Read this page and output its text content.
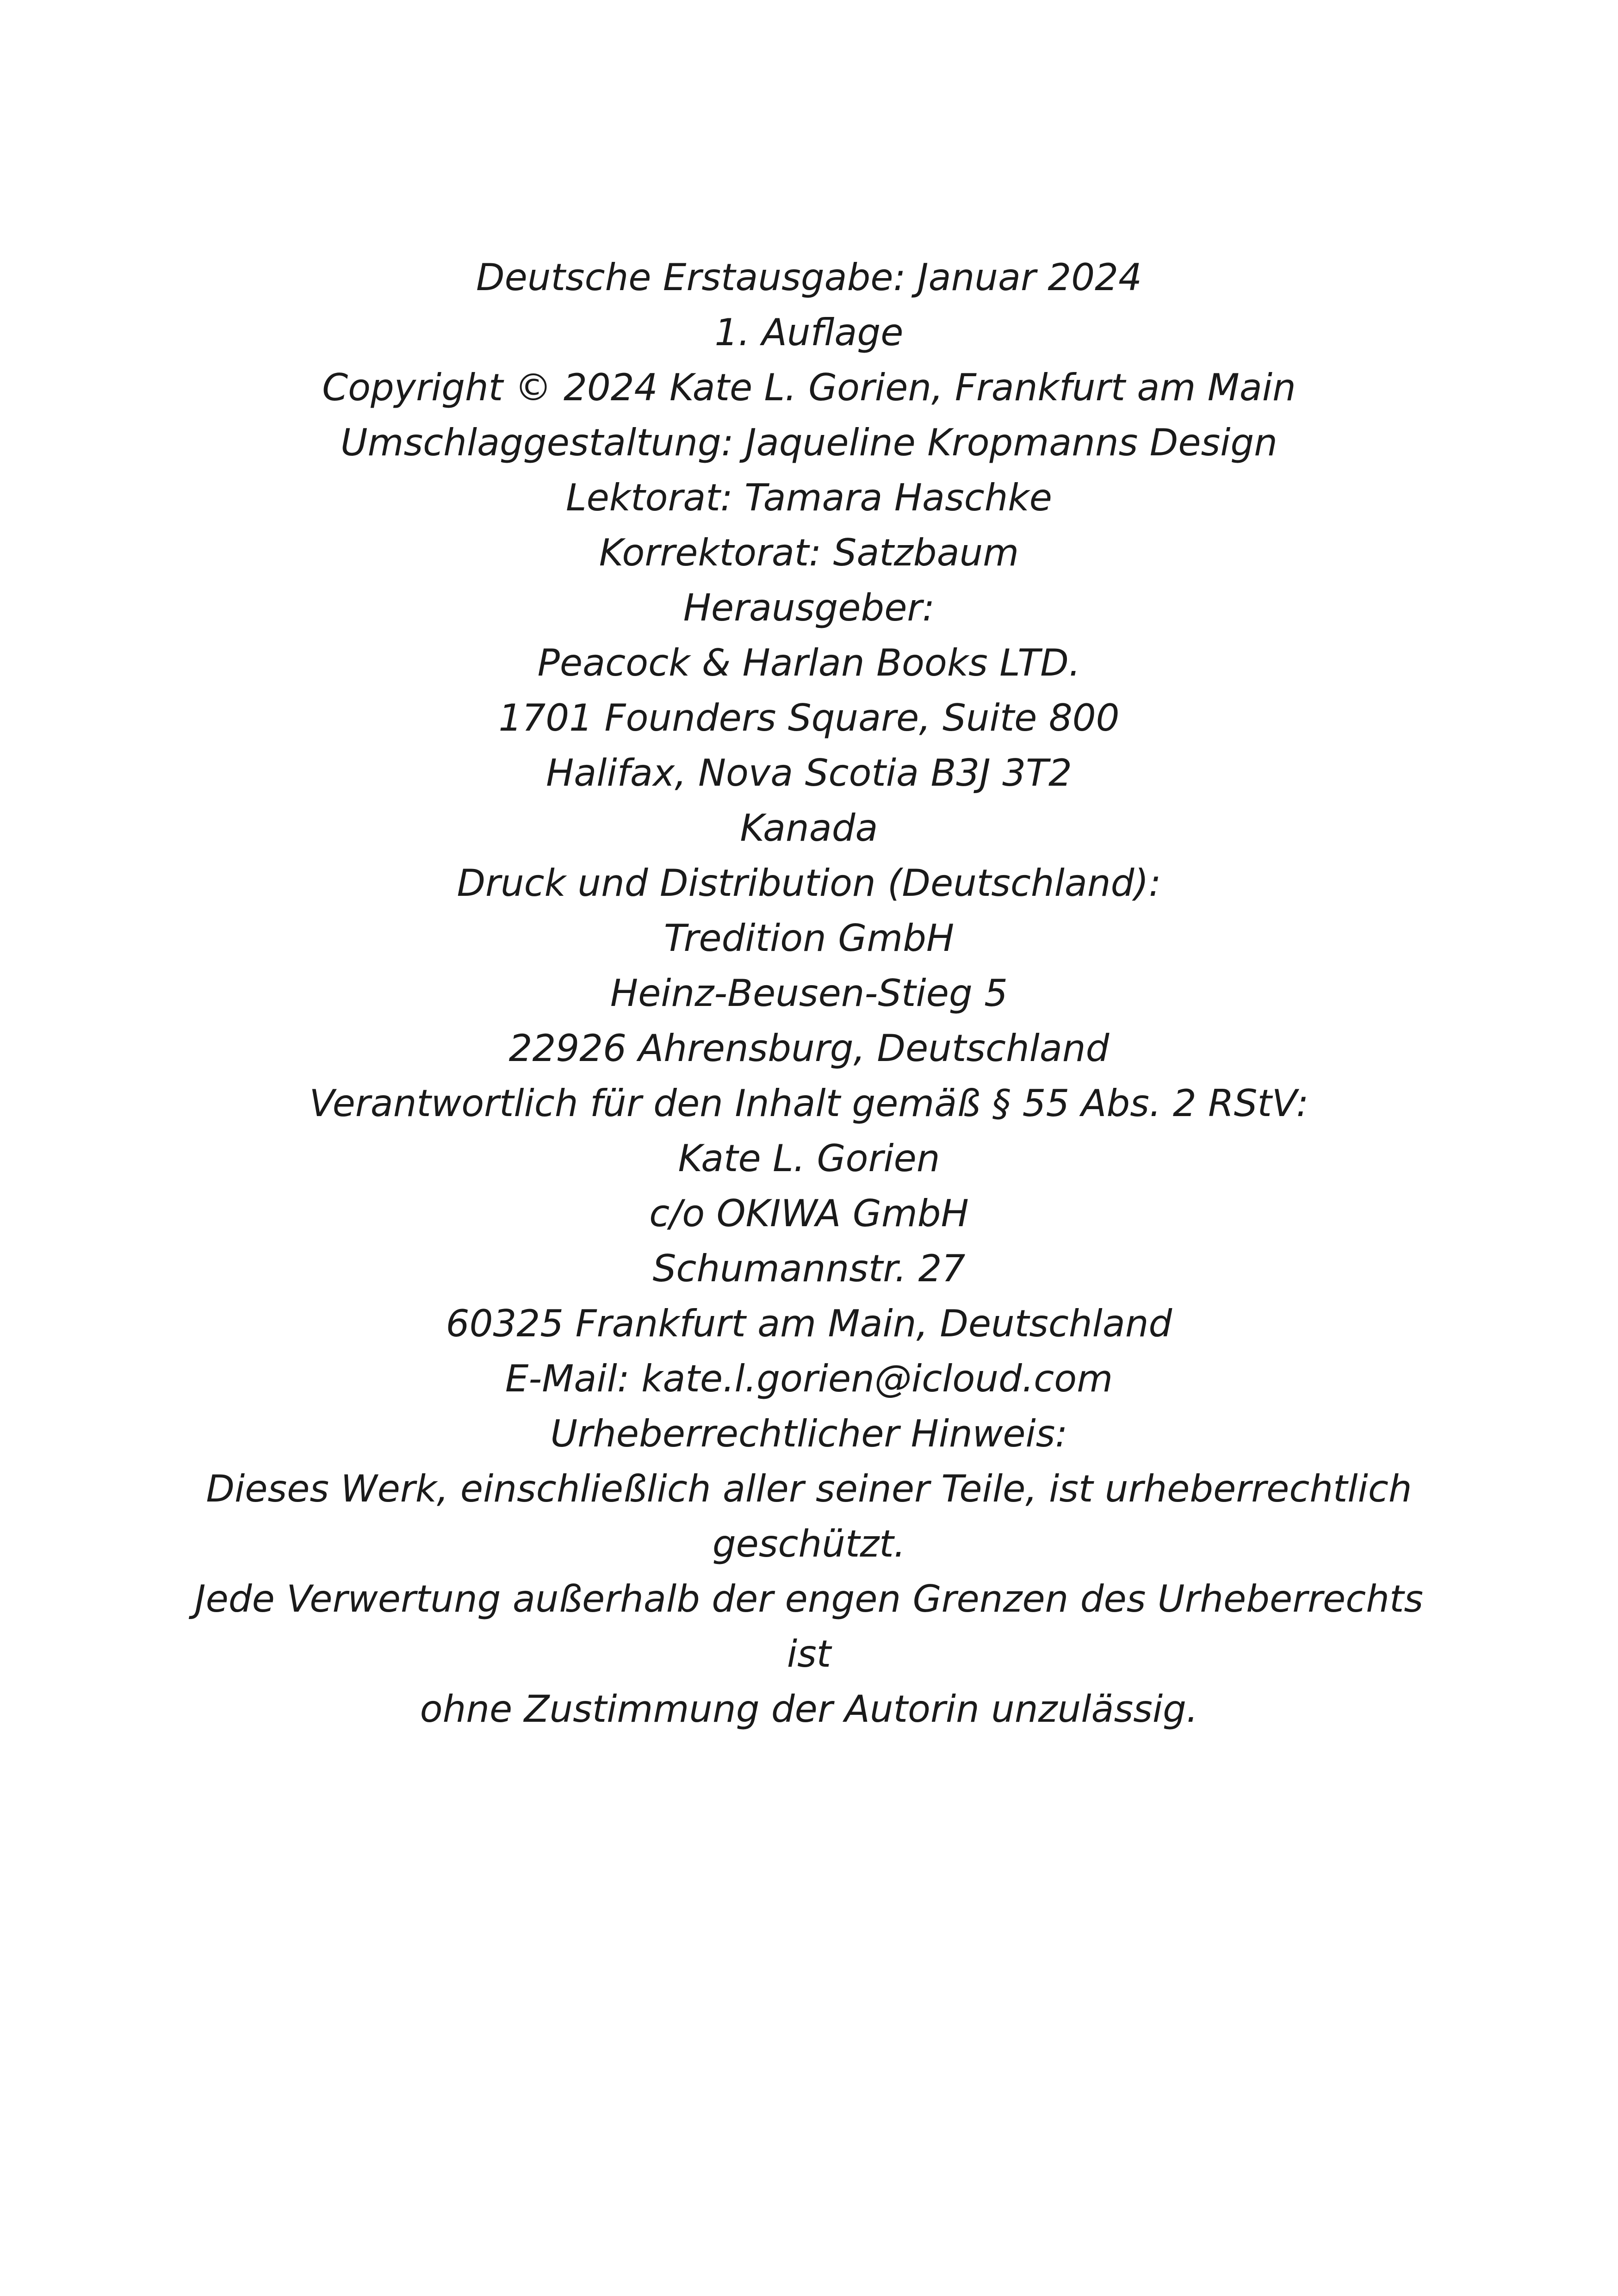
Deutsche Erstausgabe: Januar 2024
1. Auflage
Copyright © 2024 Kate L. Gorien, Frankfurt am Main
Umschlaggestaltung: Jaqueline Kropmanns Design
Lektorat: Tamara Haschke
Korrektorat: Satzbaum
Herausgeber:
Peacock & Harlan Books LTD.
1701 Founders Square, Suite 800
Halifax, Nova Scotia B3J 3T2
Kanada
Druck und Distribution (Deutschland):
Tredition GmbH
Heinz-Beusen-Stieg 5
22926 Ahrensburg, Deutschland
Verantwortlich für den Inhalt gemäß § 55 Abs. 2 RStV:
Kate L. Gorien
c/o OKIWA GmbH
Schumannstr. 27
60325 Frankfurt am Main, Deutschland
E-Mail: kate.l.gorien@icloud.com
Urheberrechtlicher Hinweis:
Dieses Werk, einschließlich aller seiner Teile, ist urheberrechtlich
geschützt.
Jede Verwertung außerhalb der engen Grenzen des Urheberrechts
ist
ohne Zustimmung der Autorin unzulässig.
